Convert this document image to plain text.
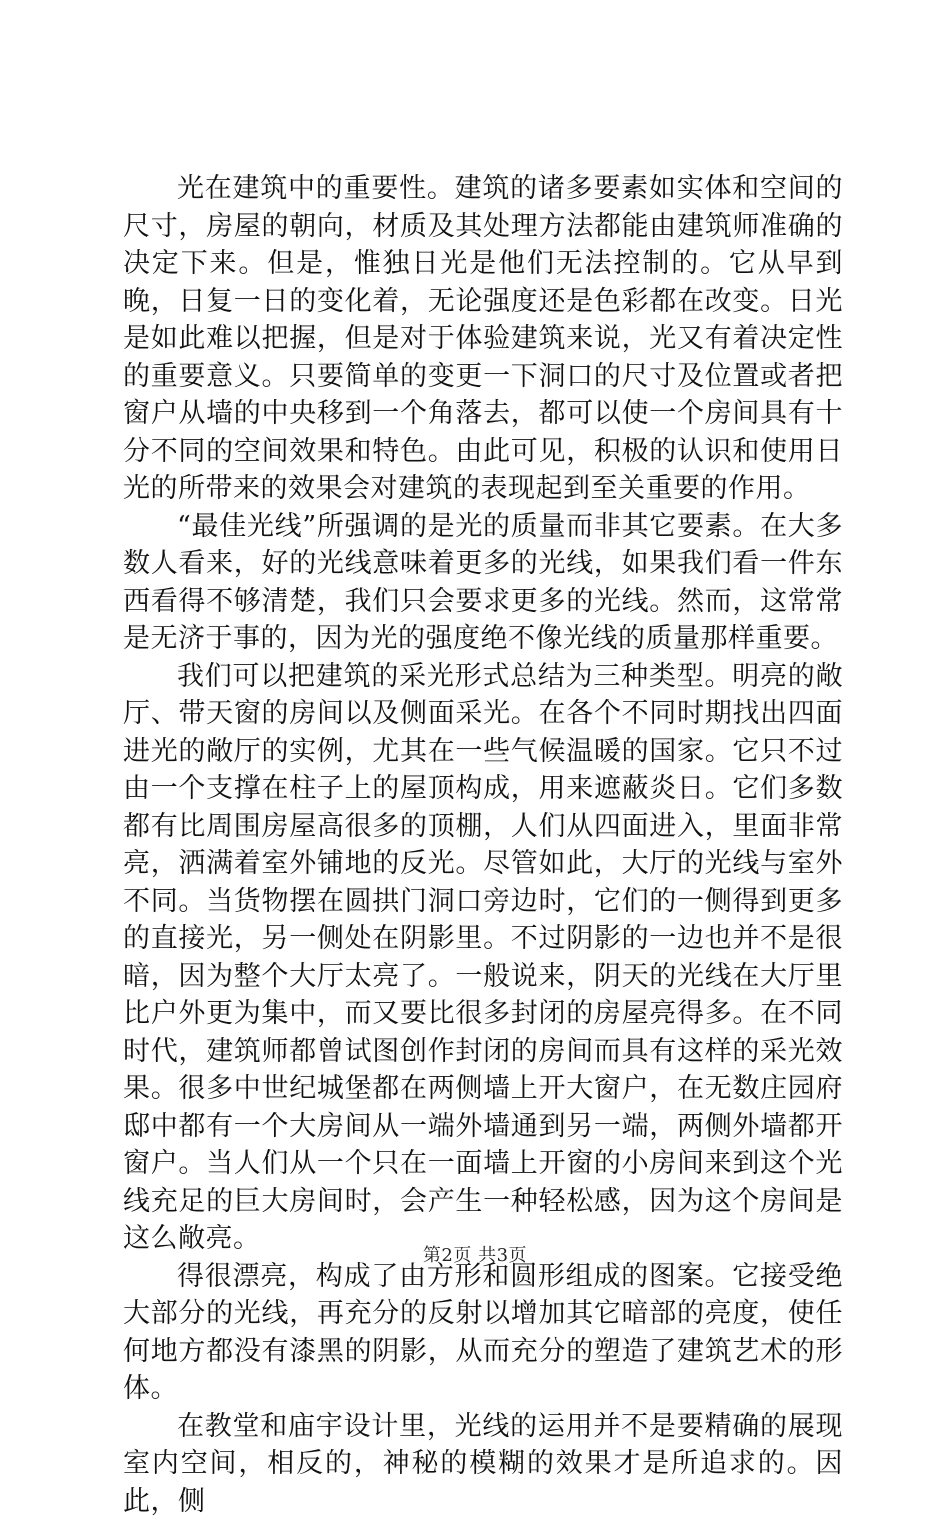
光在建筑中的重要性。建筑的诸多要素如实体和空间的尺寸，房屋的朝向，材质及其处理方法都能由建筑师准确的决定下来。但是，惟独日光是他们无法控制的。它从早到晚，日复一日的变化着，无论强度还是色彩都在改变。日光是如此难以把握，但是对于体验建筑来说，光又有着决定性的重要意义。只要简单的变更一下洞口的尺寸及位置或者把窗户从墙的中央移到一个角落去，都可以使一个房间具有十分不同的空间效果和特色。由此可见，积极的认识和使用日光的所带来的效果会对建筑的表现起到至关重要的作用。

“最佳光线”所强调的是光的质量而非其它要素。在大多数人看来，好的光线意味着更多的光线，如果我们看一件东西看得不够清楚，我们只会要求更多的光线。然而，这常常是无济于事的，因为光的强度绝不像光线的质量那样重要。

我们可以把建筑的采光形式总结为三种类型。明亮的敞厅、带天窗的房间以及侧面采光。在各个不同时期找出四面进光的敞厅的实例，尤其在一些气候温暖的国家。它只不过由一个支撑在柱子上的屋顶构成，用来遮蔽炎日。它们多数都有比周围房屋高很多的顶棚，人们从四面进入，里面非常亮，洒满着室外铺地的反光。尽管如此，大厅的光线与室外不同。当货物摆在圆拱门洞口旁边时，它们的一侧得到更多的直接光，另一侧处在阴影里。不过阴影的一边也并不是很暗，因为整个大厅太亮了。一般说来，阴天的光线在大厅里比户外更为集中，而又要比很多封闭的房屋亮得多。在不同时代，建筑师都曾试图创作封闭的房间而具有这样的采光效果。很多中世纪城堡都在两侧墙上开大窗户，在无数庄园府邸中都有一个大房间从一端外墙通到另一端，两侧外墙都开窗户。当人们从一个只在一面墙上开窗的小房间来到这个光线充足的巨大房间时，会产生一种轻松感，因为这个房间是这么敞亮。

得很漂亮，构成了由方形和圆形组成的图案。它接受绝大部分的光线，再充分的反射以增加其它暗部的亮度，使任何地方都没有漆黑的阴影，从而充分的塑造了建筑艺术的形体。

在教堂和庙宇设计里，光线的运用并不是要精确的展现室内空间，相反的，神秘的模糊的效果才是所追求的。因此，侧

第2页 共3页
